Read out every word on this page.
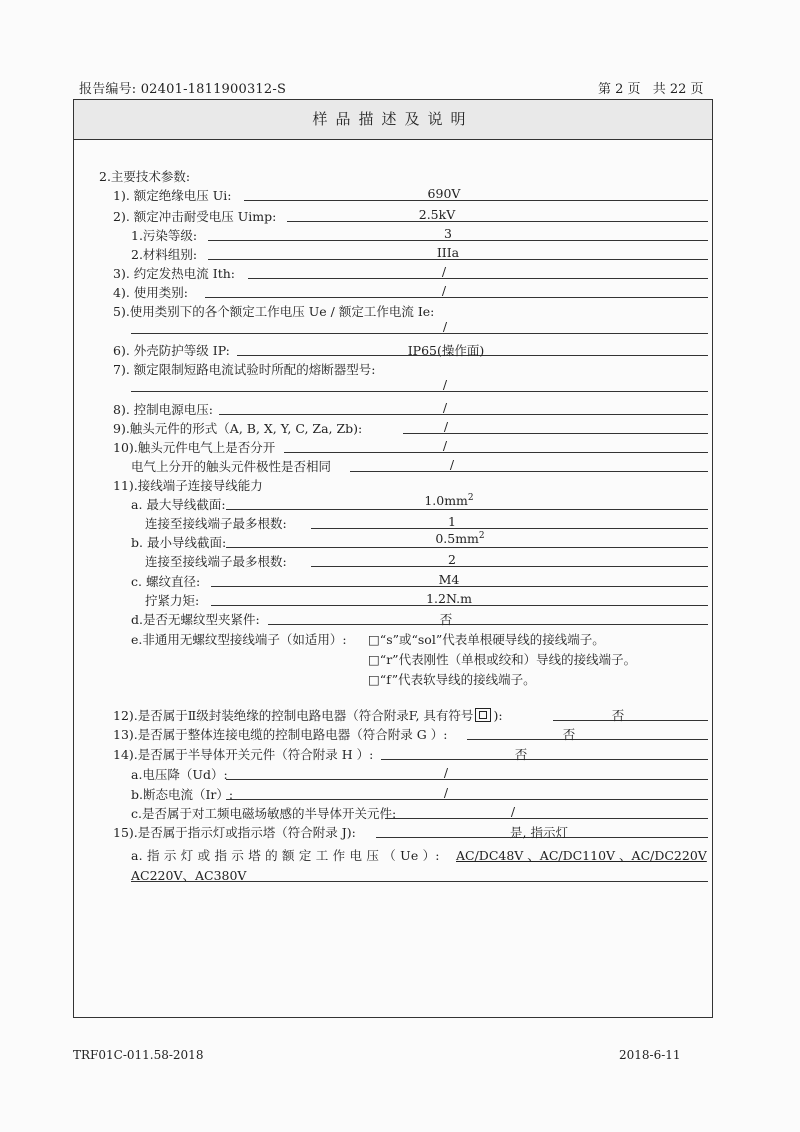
报告编号: 02401-1811900312-S	第 2 页 共 22 页
样品描述及说明
2.主要技术参数:
1). 额定绝缘电压 Ui:	690V
2). 额定冲击耐受电压 Uimp:	2.5kV
1.污染等级:	3
2.材料组别:	IIIa
3). 约定发热电流 Ith:	/
4). 使用类别:	/
5).使用类别下的各个额定工作电压 Ue / 额定工作电流 Ie:
/
6). 外壳防护等级 IP:	IP65(操作面)
7). 额定限制短路电流试验时所配的熔断器型号:
/
8). 控制电源电压:	/
9).触头元件的形式（A, B, X, Y, C, Za, Zb):	/
10).触头元件电气上是否分开	/
电气上分开的触头元件极性是否相同	/
11).接线端子连接导线能力
a. 最大导线截面:	$1.0mm^2$
连接至接线端子最多根数:	1
b. 最小导线截面:	$0.5mm^2$
连接至接线端子最多根数:	2
c. 螺纹直径:	M4
拧紧力矩:	1.2N.m
d.是否无螺纹型夹紧件:	否
e.非通用无螺纹型接线端子（如适用）: □“s”或“sol”代表单根硬导线的接线端子。
□“r”代表刚性（单根或绞和）导线的接线端子。
□“f”代表软导线的接线端子。
12).是否属于Ⅱ级封装绝缘的控制电路电器（符合附录F, 具有符号 ):	否
13).是否属于整体连接电缆的控制电路电器（符合附录 G ）:	否
14).是否属于半导体开关元件（符合附录 H ）:	否
a.电压降（Ud）:	/
b.断态电流（Ir）:	/
c.是否属于对工频电磁场敏感的半导体开关元件:	/
15).是否属于指示灯或指示塔（符合附录 J):	是, 指示灯
a. 指 示 灯 或 指 示 塔 的 额 定 工 作 电 压 （ Ue ）: AC/DC48V 、AC/DC110V 、AC/DC220V
AC220V、AC380V
TRF01C-011.58-2018	2018-6-11
